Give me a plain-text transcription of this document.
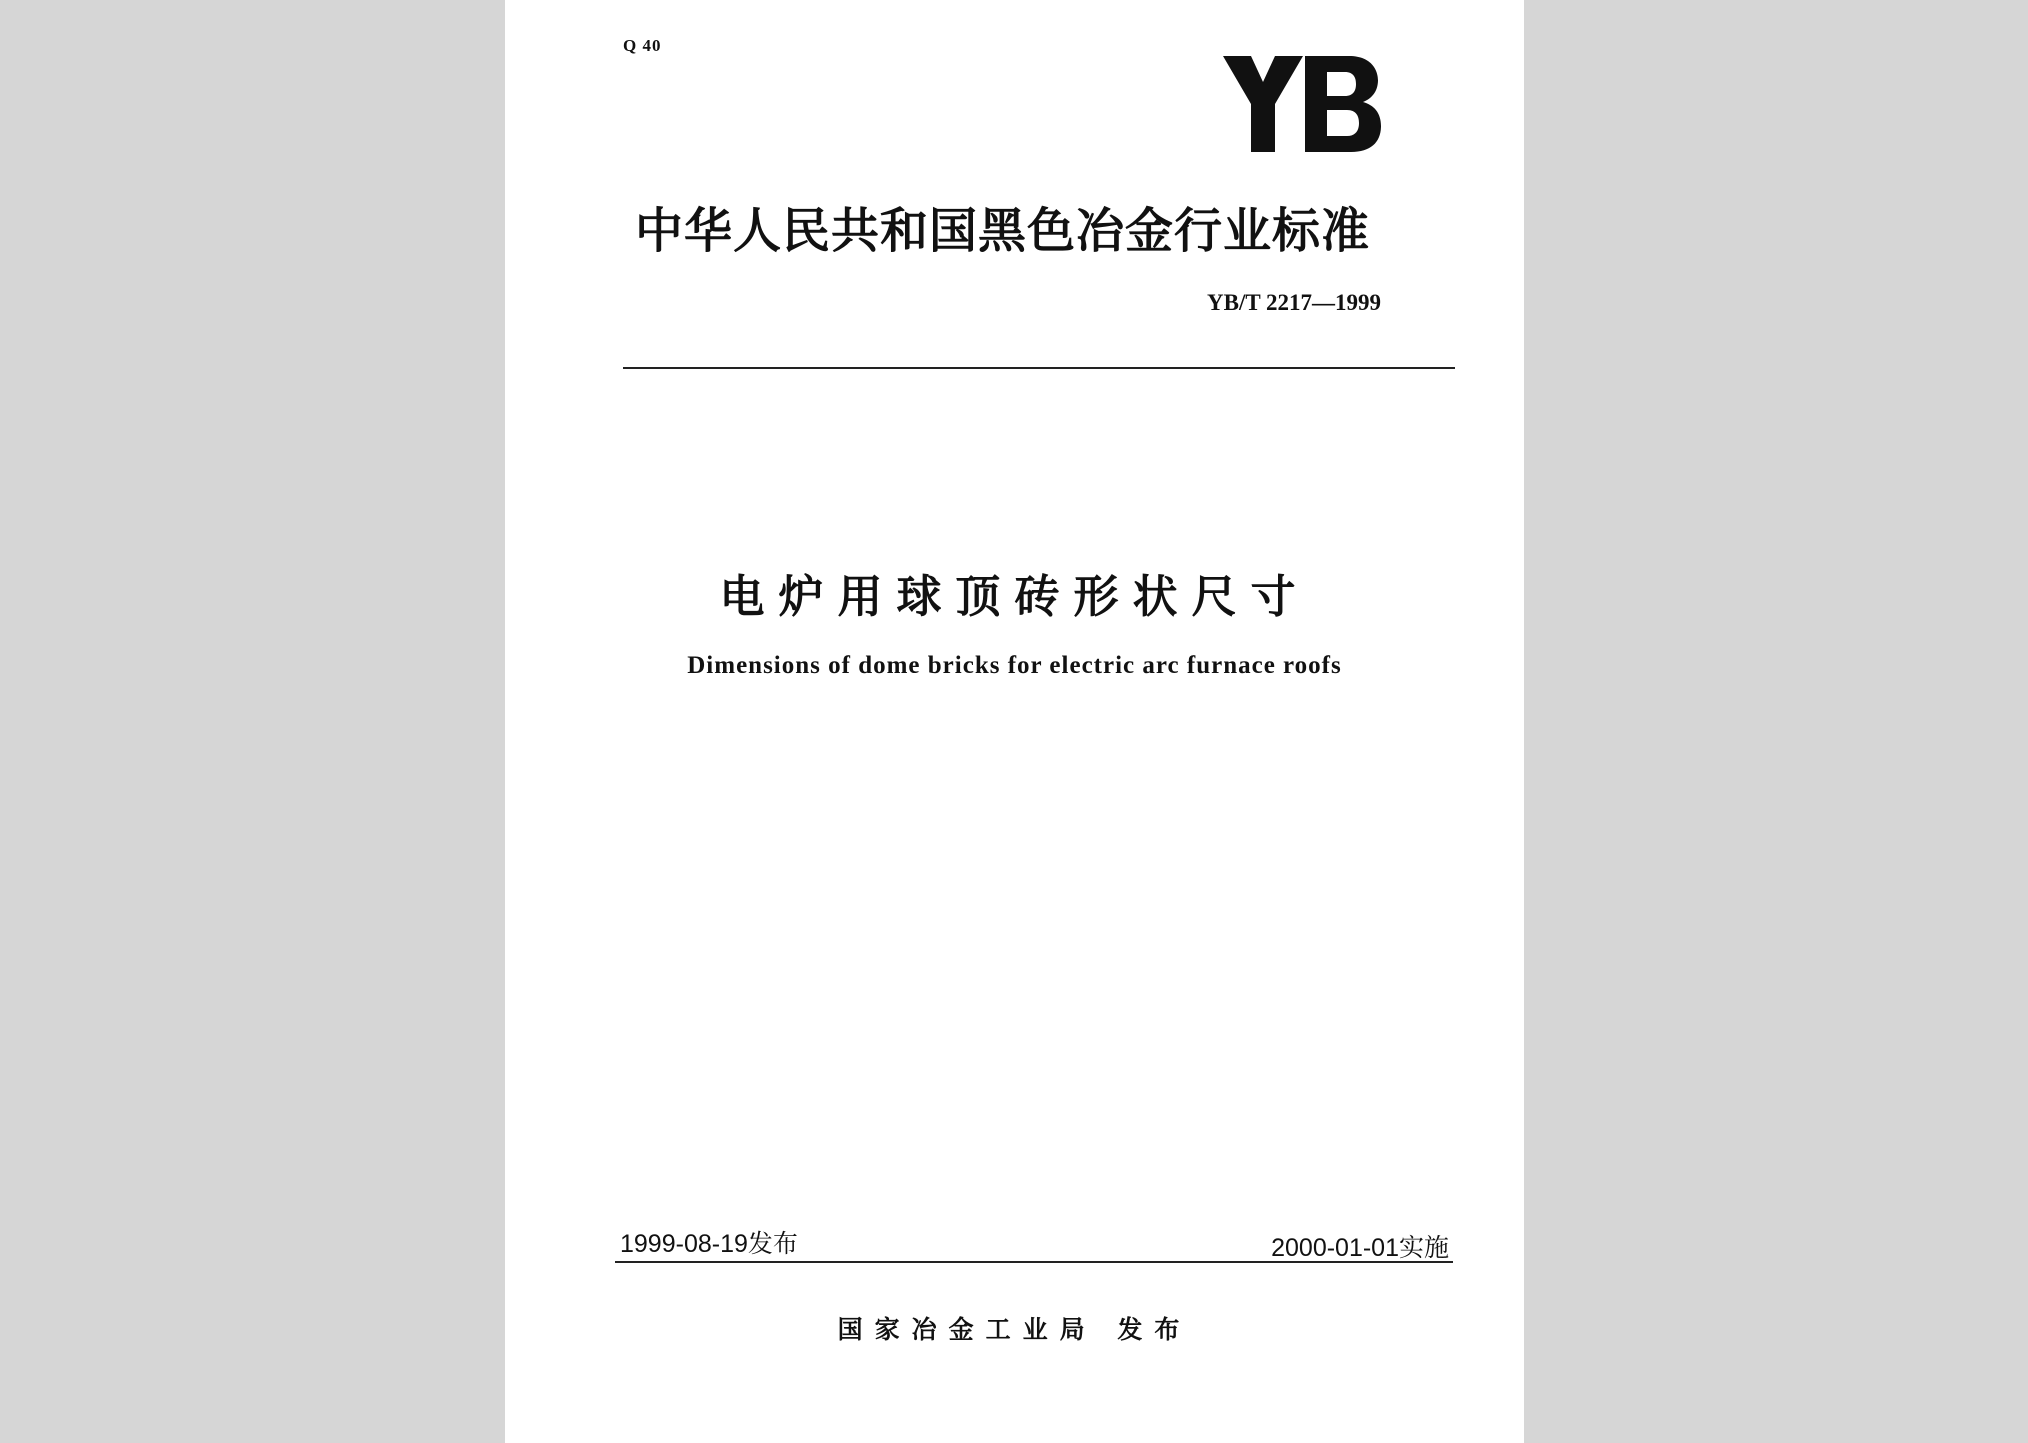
Q 40
中华人民共和国黑色冶金行业标准
YB/T 2217—1999
电炉用球顶砖形状尺寸
Dimensions of dome bricks for electric arc furnace roofs
1999-08-19发布	2000-01-01实施
国家冶金工业局 发布
